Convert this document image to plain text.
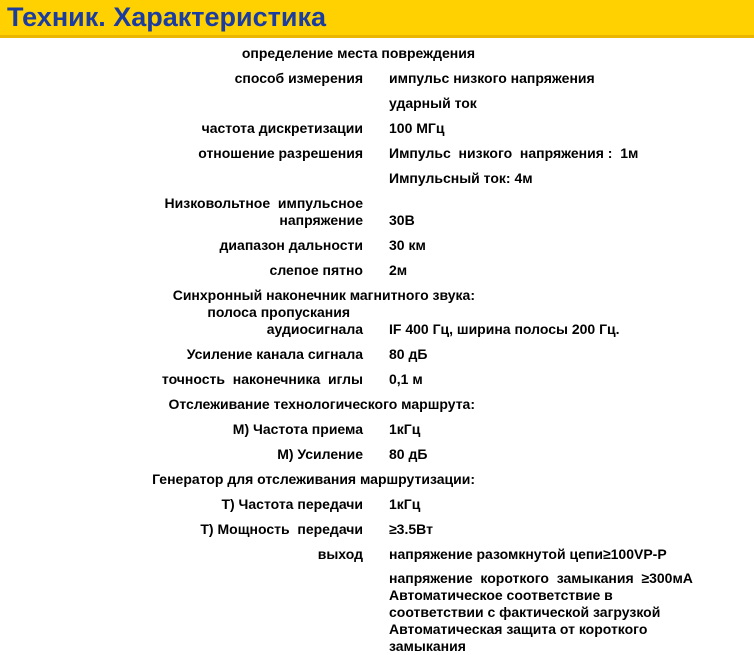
Техник. Характеристика
определение места повреждения
способ измерения импульс низкого напряжения
ударный ток
частота дискретизации 100 МГц
отношение разрешения Импульс  низкого  напряжения :  1м
Импульсный ток: 4м
Низковольтное  импульсное
напряжение 30В
диапазон дальности 30 км
слепое пятно 2м
Синхронный наконечник магнитного звука:
полоса пропускания
аудиосигнала IF 400 Гц, ширина полосы 200 Гц.
Усиление канала сигнала 80 дБ
точность  наконечника  иглы 0,1 м
Отслеживание технологического маршрута:
М) Частота приема 1кГц
М) Усиление 80 дБ
Генератор для отслеживания маршрутизации:
Т) Частота передачи 1кГц
Т) Мощность  передачи ≥3.5Вт
выход напряжение разомкнутой цепи≥100VP-P

напряжение  короткого  замыкания  ≥300мА

Автоматическое соответствие в

соответствии с фактической загрузкой

Автоматическая защита от короткого

замыкания
